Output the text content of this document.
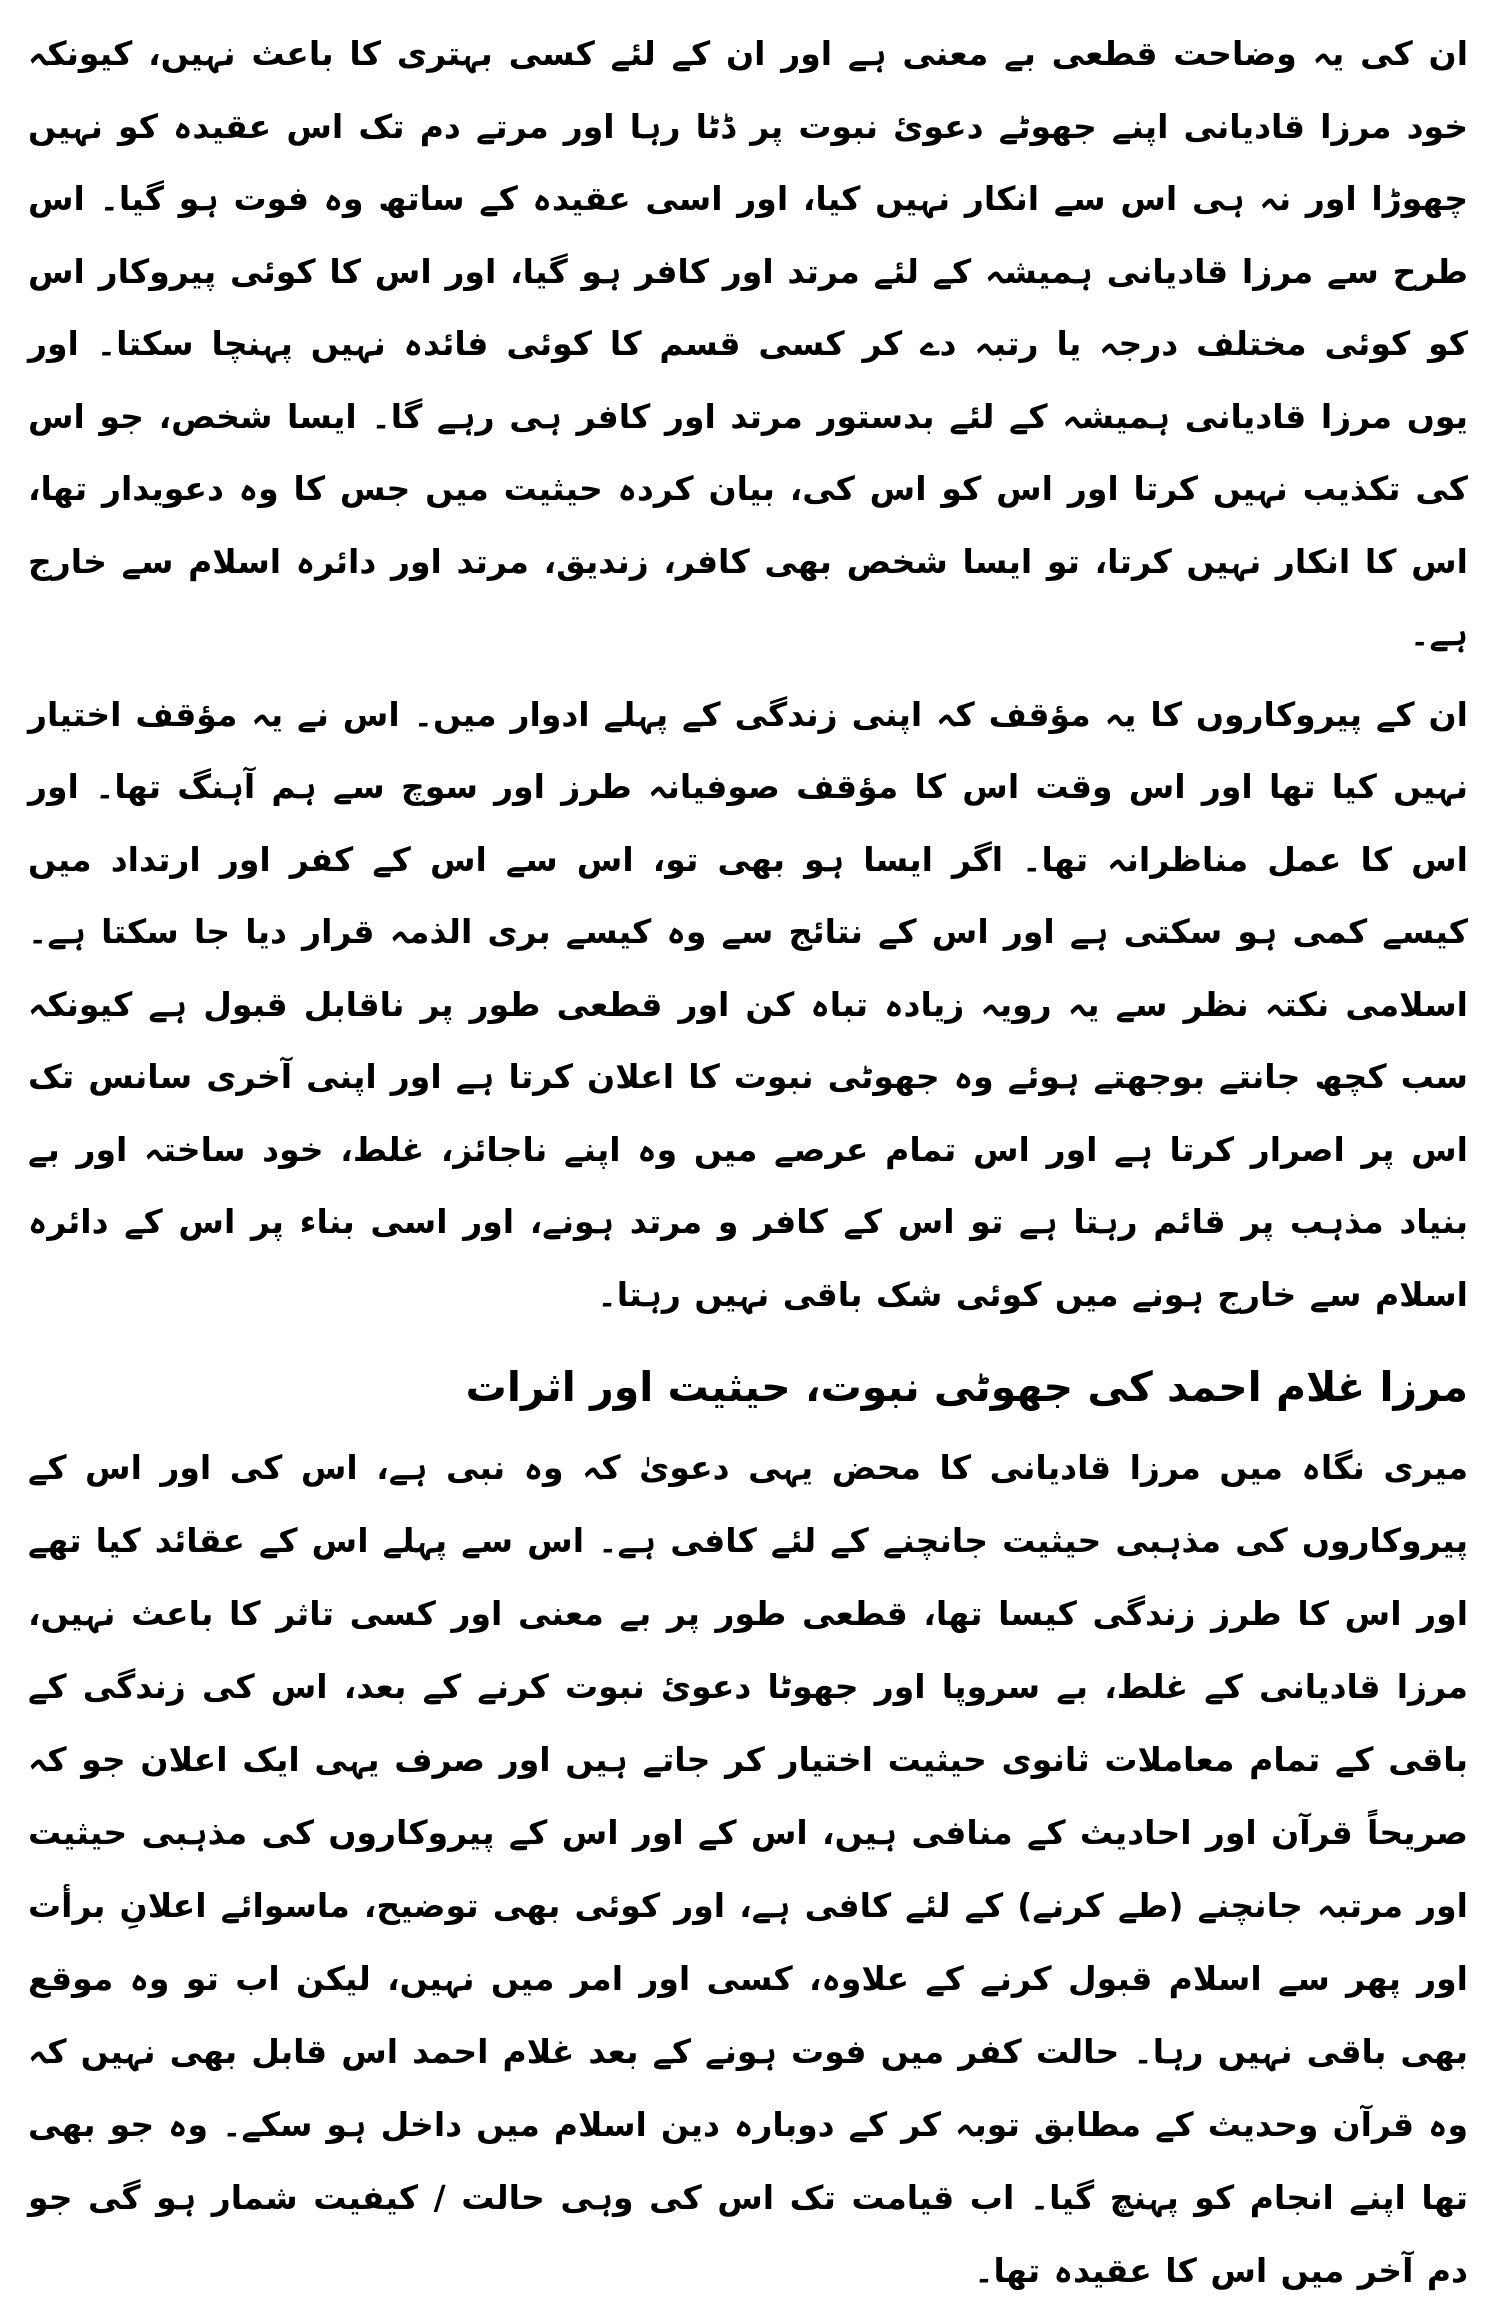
ان کی یہ وضاحت قطعی بے معنی ہے اور ان کے لئے کسی بہتری کا باعث نہیں، کیونکہ خود مرزا قادیانی اپنے جھوٹے دعوئ نبوت پر ڈٹا رہا اور مرتے دم تک اس عقیدہ کو نہیں چھوڑا اور نہ ہی اس سے انکار نہیں کیا، اور اسی عقیدہ کے ساتھ وہ فوت ہو گیا۔ اس طرح سے مرزا قادیانی ہمیشہ کے لئے مرتد اور کافر ہو گیا، اور اس کا کوئی پیروکار اس کو کوئی مختلف درجہ یا رتبہ دے کر کسی قسم کا کوئی فائدہ نہیں پہنچا سکتا۔ اور یوں مرزا قادیانی ہمیشہ کے لئے بدستور مرتد اور کافر ہی رہے گا۔ ایسا شخص، جو اس کی تکذیب نہیں کرتا اور اس کو اس کی، بیان کردہ حیثیت میں جس کا وہ دعویدار تھا، اس کا انکار نہیں کرتا، تو ایسا شخص بھی کافر، زندیق، مرتد اور دائرہ اسلام سے خارج ہے۔

ان کے پیروکاروں کا یہ مؤقف کہ اپنی زندگی کے پہلے ادوار میں۔ اس نے یہ مؤقف اختیار نہیں کیا تھا اور اس وقت اس کا مؤقف صوفیانہ طرز اور سوچ سے ہم آہنگ تھا۔ اور اس کا عمل مناظرانہ تھا۔ اگر ایسا ہو بھی تو، اس سے اس کے کفر اور ارتداد میں کیسے کمی ہو سکتی ہے اور اس کے نتائج سے وہ کیسے بری الذمہ قرار دیا جا سکتا ہے۔ اسلامی نکتہ نظر سے یہ رویہ زیادہ تباہ کن اور قطعی طور پر ناقابل قبول ہے کیونکہ سب کچھ جانتے بوجھتے ہوئے وہ جھوٹی نبوت کا اعلان کرتا ہے اور اپنی آخری سانس تک اس پر اصرار کرتا ہے اور اس تمام عرصے میں وہ اپنے ناجائز، غلط، خود ساختہ اور بے بنیاد مذہب پر قائم رہتا ہے تو اس کے کافر و مرتد ہونے، اور اسی بناء پر اس کے دائرہ اسلام سے خارج ہونے میں کوئی شک باقی نہیں رہتا۔

مرزا غلام احمد کی جھوٹی نبوت، حیثیت اور اثرات

میری نگاہ میں مرزا قادیانی کا محض یہی دعویٰ کہ وہ نبی ہے، اس کی اور اس کے پیروکاروں کی مذہبی حیثیت جانچنے کے لئے کافی ہے۔ اس سے پہلے اس کے عقائد کیا تھے اور اس کا طرز زندگی کیسا تھا، قطعی طور پر بے معنی اور کسی تاثر کا باعث نہیں، مرزا قادیانی کے غلط، بے سروپا اور جھوٹا دعوئ نبوت کرنے کے بعد، اس کی زندگی کے باقی کے تمام معاملات ثانوی حیثیت اختیار کر جاتے ہیں اور صرف یہی ایک اعلان جو کہ صریحاً قرآن اور احادیث کے منافی ہیں، اس کے اور اس کے پیروکاروں کی مذہبی حیثیت اور مرتبہ جانچنے (طے کرنے) کے لئے کافی ہے، اور کوئی بھی توضیح، ماسوائے اعلانِ برأت اور پھر سے اسلام قبول کرنے کے علاوہ، کسی اور امر میں نہیں، لیکن اب تو وہ موقع بھی باقی نہیں رہا۔ حالت کفر میں فوت ہونے کے بعد غلام احمد اس قابل بھی نہیں کہ وہ قرآن وحدیث کے مطابق توبہ کر کے دوبارہ دین اسلام میں داخل ہو سکے۔ وہ جو بھی تھا اپنے انجام کو پہنچ گیا۔ اب قیامت تک اس کی وہی حالت / کیفیت شمار ہو گی جو دم آخر میں اس کا عقیدہ تھا۔
